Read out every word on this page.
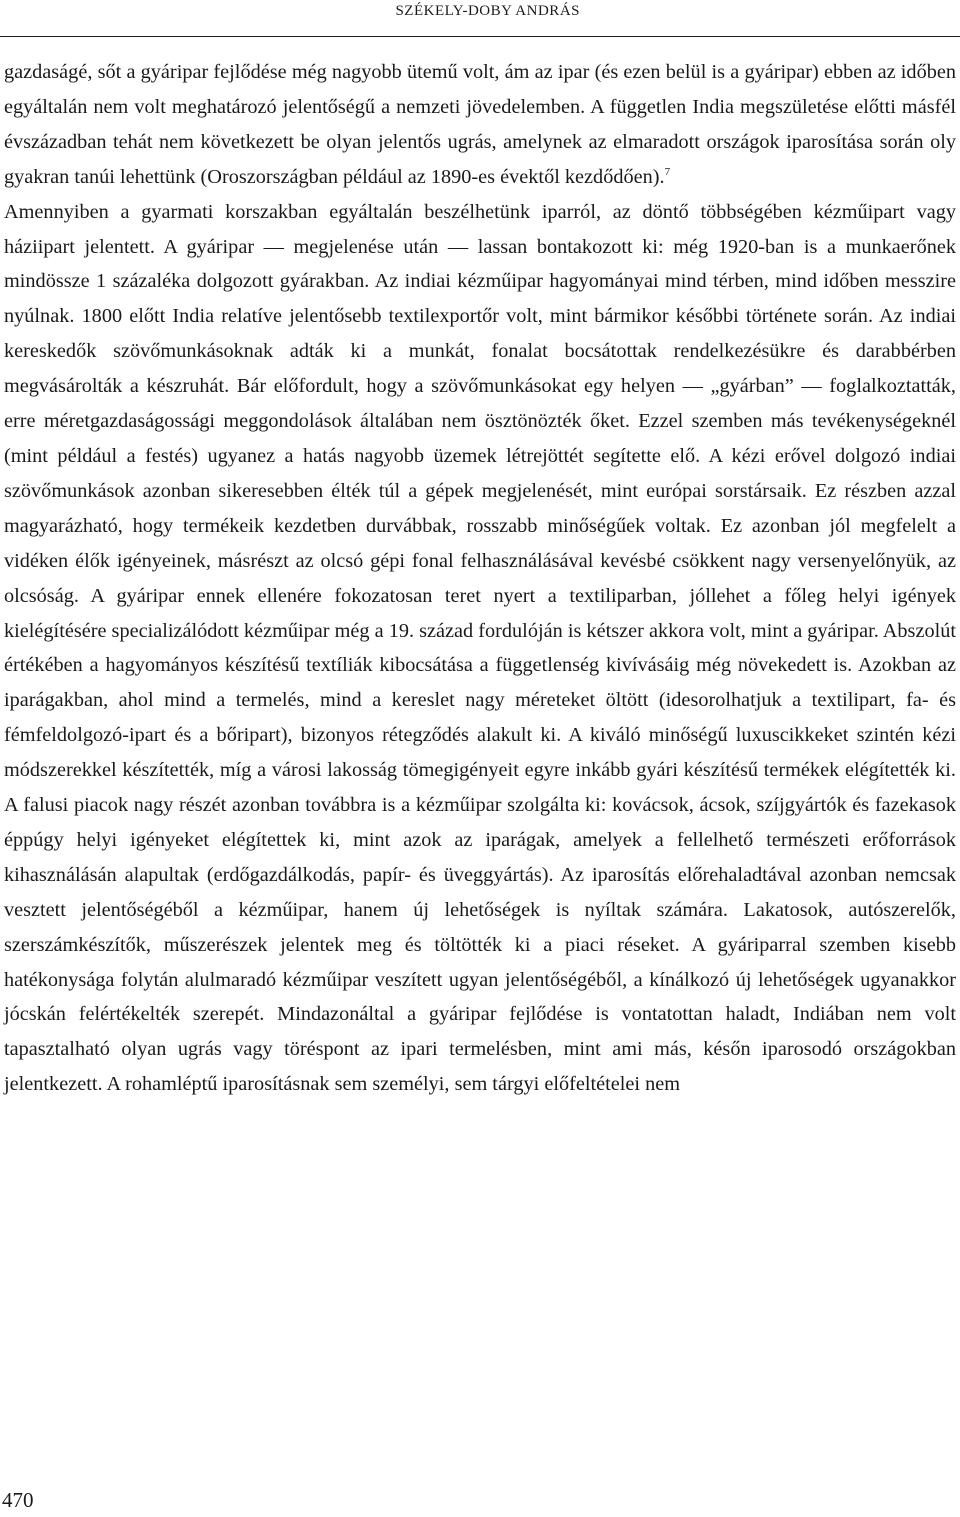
SZÉKELY-DOBY ANDRÁS

gazdaságé, sőt a gyáripar fejlődése még nagyobb ütemű volt, ám az ipar (és ezen belül is a gyáripar) ebben az időben egyáltalán nem volt meghatározó jelentőségű a nemzeti jövedelemben. A független India megszületése előtti másfél évszázadban tehát nem következett be olyan jelentős ugrás, amelynek az elmaradott országok iparosítása során oly gyakran tanúi lehettünk (Oroszországban például az 1890-es évektől kezdődően).$^7$

Amennyiben a gyarmati korszakban egyáltalán beszélhetünk iparról, az döntő többségében kézműipart vagy háziipart jelentett. A gyáripar — megjelenése után — lassan bontakozott ki: még 1920-ban is a munkaerőnek mindössze 1 százaléka dolgozott gyárakban. Az indiai kézműipar hagyományai mind térben, mind időben messzire nyúlnak. 1800 előtt India relatíve jelentősebb textilexportőr volt, mint bármikor későbbi története során. Az indiai kereskedők szövőmunkásoknak adták ki a munkát, fonalat bocsátottak rendelkezésükre és darabbérben megvásárolták a készruhát. Bár előfordult, hogy a szövőmunkásokat egy helyen — „gyárban” — foglalkoztatták, erre méretgazdaságossági meggondolások általában nem ösztönözték őket. Ezzel szemben más tevékenységeknél (mint például a festés) ugyanez a hatás nagyobb üzemek létrejöttét segítette elő. A kézi erővel dolgozó indiai szövőmunkások azonban sikeresebben élték túl a gépek megjelenését, mint európai sorstársaik. Ez részben azzal magyarázható, hogy termékeik kezdetben durvábbak, rosszabb minőségűek voltak. Ez azonban jól megfelelt a vidéken élők igényeinek, másrészt az olcsó gépi fonal felhasználásával kevésbé csökkent nagy versenyelőnyük, az olcsóság. A gyáripar ennek ellenére fokozatosan teret nyert a textiliparban, jóllehet a főleg helyi igények kielégítésére specializálódott kézműipar még a 19. század fordulóján is kétszer akkora volt, mint a gyáripar. Abszolút értékében a hagyományos készítésű textíliák kibocsátása a függetlenség kivívásáig még növekedett is. Azokban az iparágakban, ahol mind a termelés, mind a kereslet nagy méreteket öltött (idesorolhatjuk a textilipart, fa- és fémfeldolgozó-ipart és a bőripart), bizonyos rétegződés alakult ki. A kiváló minőségű luxuscikkeket szintén kézi módszerekkel készítették, míg a városi lakosság tömegigényeit egyre inkább gyári készítésű termékek elégítették ki. A falusi piacok nagy részét azonban továbbra is a kézműipar szolgálta ki: kovácsok, ácsok, szíjgyártók és fazekasok éppúgy helyi igényeket elégítettek ki, mint azok az iparágak, amelyek a fellelhető természeti erőforrások kihasználásán alapultak (erdőgazdálkodás, papír- és üveggyártás). Az iparosítás előrehaladtával azonban nemcsak vesztett jelentőségéből a kézműipar, hanem új lehetőségek is nyíltak számára. Lakatosok, autószerelők, szerszámkészítők, műszerészek jelentek meg és töltötték ki a piaci réseket. A gyáriparral szemben kisebb hatékonysága folytán alulmaradó kézműipar veszített ugyan jelentőségéből, a kínálkozó új lehetőségek ugyanakkor jócskán felértékelték szerepét. Mindazonáltal a gyáripar fejlődése is vontatottan haladt, Indiában nem volt tapasztalható olyan ugrás vagy töréspont az ipari termelésben, mint ami más, későn iparosodó országokban jelentkezett. A rohamléptű iparosításnak sem személyi, sem tárgyi előfeltételei nem

470
